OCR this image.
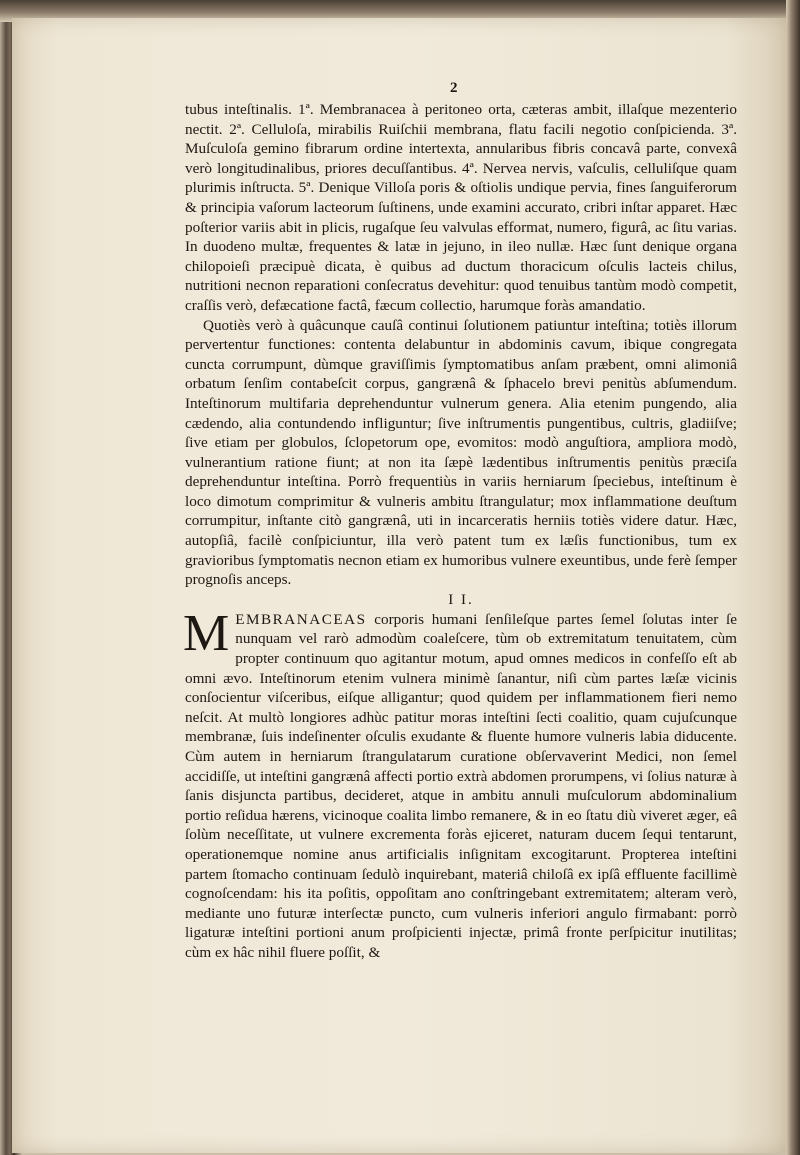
2

tubus inteſtinalis. 1ª. Membranacea à peritoneo orta, cæteras ambit, illaſque mezenterio nectit. 2ª. Celluloſa, mirabilis Ruiſchii membrana, flatu facili negotio conſpicienda. 3ª. Muſculoſa gemino fibrarum ordine intertexta, annularibus fibris concavâ parte, convexâ verò longitudinalibus, priores decuſſantibus. 4ª. Nervea nervis, vaſculis, celluliſque quam plurimis inſtructa. 5ª. Denique Villoſa poris & oſtiolis undique pervia, fines ſanguiferorum & principia vaſorum lacteorum ſuſtinens, unde examini accurato, cribri inſtar apparet. Hæc poſterior variis abit in plicis, rugaſque ſeu valvulas efformat, numero, figurâ, ac ſitu varias. In duodeno multæ, frequentes & latæ in jejuno, in ileo nullæ. Hæc ſunt denique organa chilopoieſi præcipuè dicata, è quibus ad ductum thoracicum oſculis lacteis chilus, nutritioni necnon reparationi conſecratus devehitur: quod tenuibus tantùm modò competit, craſſis verò, defæcatione factâ, fæcum collectio, harumque foràs amandatio.

Quotiès verò à quâcunque cauſâ continui ſolutionem patiuntur inteſtina; totiès illorum pervertentur functiones: contenta delabuntur in abdominis cavum, ibique congregata cuncta corrumpunt, dùmque graviſſimis ſymptomatibus anſam præbent, omni alimoniâ orbatum ſenſim contabeſcit corpus, gangrænâ & ſphacelo brevi penitùs abſumendum. Inteſtinorum multifaria deprehenduntur vulnerum genera. Alia etenim pungendo, alia cædendo, alia contundendo infliguntur; ſive inſtrumentis pungentibus, cultris, gladiiſve; ſive etiam per globulos, ſclopetorum ope, evomitos: modò anguſtiora, ampliora modò, vulnerantium ratione fiunt; at non ita ſæpè lædentibus inſtrumentis penitùs præciſa deprehenduntur inteſtina. Porrò frequentiùs in variis herniarum ſpeciebus, inteſtinum è loco dimotum comprimitur & vulneris ambitu ſtrangulatur; mox inflammatione deuſtum corrumpitur, inſtante citò gangrænâ, uti in incarceratis herniis totiès videre datur. Hæc, autopſiâ, facilè conſpiciuntur, illa verò patent tum ex læſis functionibus, tum ex gravioribus ſymptomatis necnon etiam ex humoribus vulnere exeuntibus, unde ferè ſemper prognoſis anceps.

I I.

MEMBRANACEAS corporis humani ſenſileſque partes ſemel ſolutas inter ſe nunquam vel rarò admodùm coaleſcere, tùm ob extremitatum tenuitatem, cùm propter continuum quo agitantur motum, apud omnes medicos in confeſſo eſt ab omni ævo. Inteſtinorum etenim vulnera minimè ſanantur, niſi cùm partes læſæ vicinis conſocientur viſceribus, eiſque alligantur; quod quidem per inflammationem fieri nemo neſcit. At multò longiores adhùc patitur moras inteſtini ſecti coalitio, quam cujuſcunque membranæ, ſuis indeſinenter oſculis exudante & fluente humore vulneris labia diducente. Cùm autem in herniarum ſtrangulatarum curatione obſervaverint Medici, non ſemel accidiſſe, ut inteſtini gangrænâ affecti portio extrà abdomen prorumpens, vi ſolius naturæ à ſanis disjuncta partibus, decideret, atque in ambitu annuli muſculorum abdominalium portio reſidua hærens, vicinoque coalita limbo remanere, & in eo ſtatu diù viveret æger, eâ ſolùm neceſſitate, ut vulnere excrementa foràs ejiceret, naturam ducem ſequi tentarunt, operationemque nomine anus artificialis inſignitam excogitarunt. Propterea inteſtini partem ſtomacho continuam ſedulò inquirebant, materiâ chiloſâ ex ipſâ effluente facillimè cognoſcendam: his ita poſitis, oppoſitam ano conſtringebant extremitatem; alteram verò, mediante uno futuræ interſectæ puncto, cum vulneris inferiori angulo firmabant: porrò ligaturæ inteſtini portioni anum proſpicienti injectæ, primâ fronte perſpicitur inutilitas; cùm ex hâc nihil fluere poſſit, &
